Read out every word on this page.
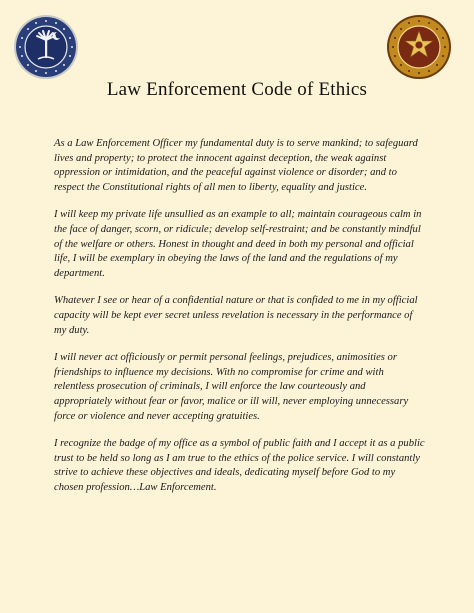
Law Enforcement Code of Ethics

As a Law Enforcement Officer my fundamental duty is to serve mankind; to safeguard lives and property; to protect the innocent against deception, the weak against oppression or intimidation, and the peaceful against violence or disorder; and to respect the Constitutional rights of all men to liberty, equality and justice.

I will keep my private life unsullied as an example to all; maintain courageous calm in the face of danger, scorn, or ridicule; develop self-restraint; and be constantly mindful of the welfare or others. Honest in thought and deed in both my personal and official life, I will be exemplary in obeying the laws of the land and the regulations of my department.

Whatever I see or hear of a confidential nature or that is confided to me in my official capacity will be kept ever secret unless revelation is necessary in the performance of my duty.

I will never act officiously or permit personal feelings, prejudices, animosities or friendships to influence my decisions. With no compromise for crime and with relentless prosecution of criminals, I will enforce the law courteously and appropriately without fear or favor, malice or ill will, never employing unnecessary force or violence and never accepting gratuities.

I recognize the badge of my office as a symbol of public faith and I accept it as a public trust to be held so long as I am true to the ethics of the police service. I will constantly strive to achieve these objectives and ideals, dedicating myself before God to my chosen profession…Law Enforcement.
